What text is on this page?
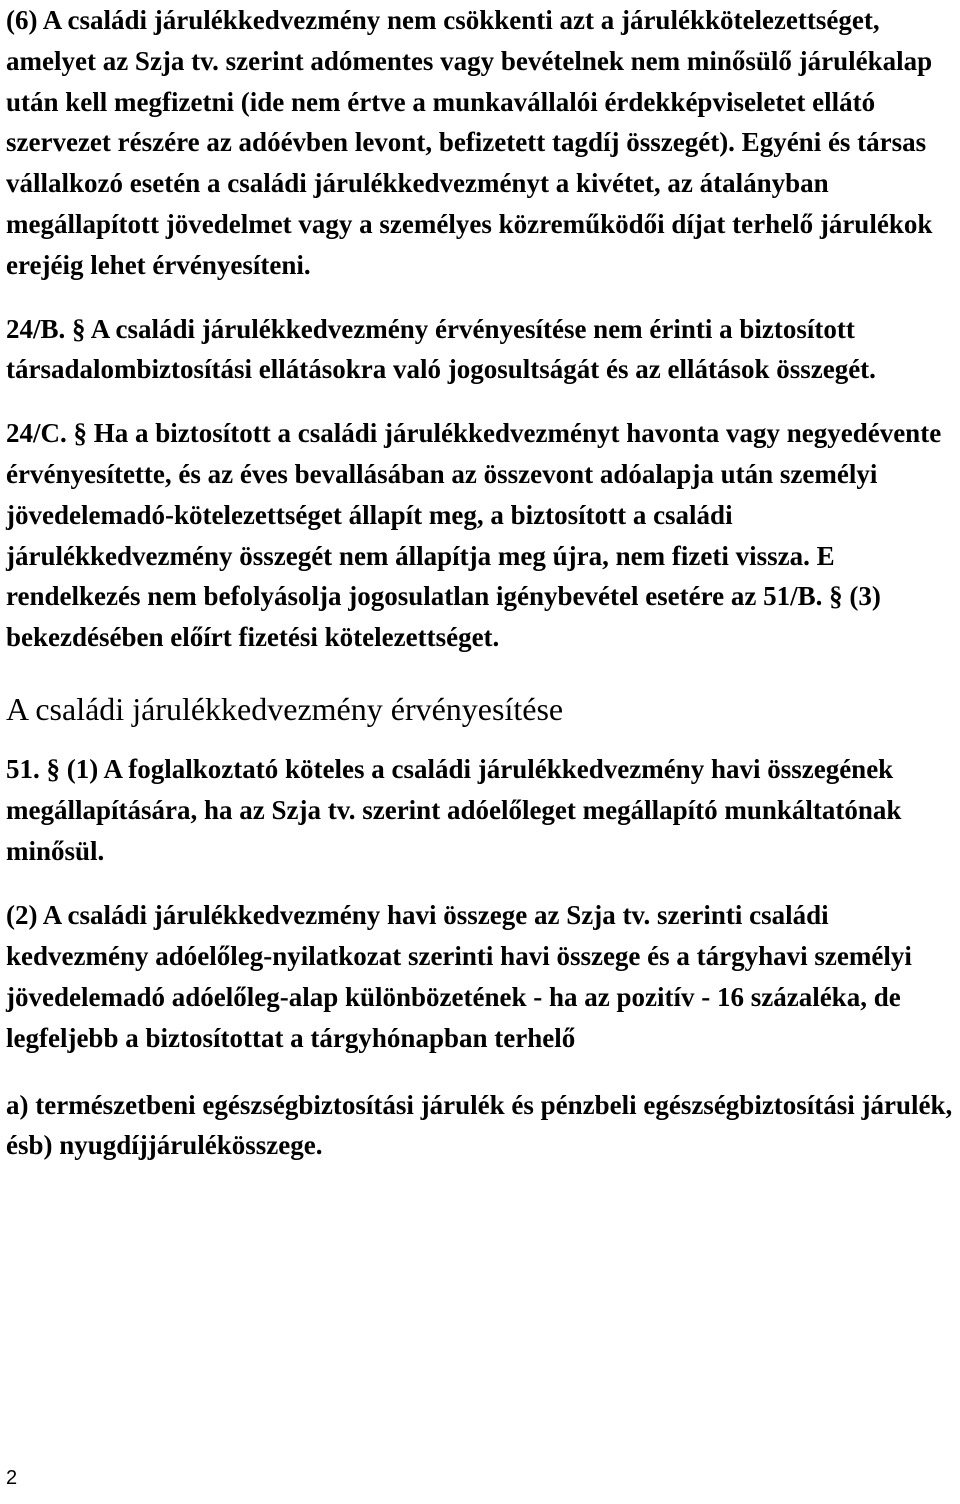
(6) A családi járulékkedvezmény nem csökkenti azt a járulékkötelezettséget, amelyet az Szja tv. szerint adómentes vagy bevételnek nem minősülő járulékalap után kell megfizetni (ide nem értve a munkavállalói érdekképviseletet ellátó szervezet részére az adóévben levont, befizetett tagdíj összegét). Egyéni és társas vállalkozó esetén a családi járulékkedvezményt a kivétet, az átalányban megállapított jövedelmet vagy a személyes közreműködői díjat terhelő járulékok erejéig lehet érvényesíteni.

24/B. § A családi járulékkedvezmény érvényesítése nem érinti a biztosított társadalombiztosítási ellátásokra való jogosultságát és az ellátások összegét.

24/C. § Ha a biztosított a családi járulékkedvezményt havonta vagy negyedévente érvényesítette, és az éves bevallásában az összevont adóalapja után személyi jövedelemadó-kötelezettséget állapít meg, a biztosított a családi járulékkedvezmény összegét nem állapítja meg újra, nem fizeti vissza. E rendelkezés nem befolyásolja jogosulatlan igénybevétel esetére az 51/B. § (3) bekezdésében előírt fizetési kötelezettséget.

A családi járulékkedvezmény érvényesítése

51. § (1) A foglalkoztató köteles a családi járulékkedvezmény havi összegének megállapítására, ha az Szja tv. szerint adóelőleget megállapító munkáltatónak minősül.

(2) A családi járulékkedvezmény havi összege az Szja tv. szerinti családi kedvezmény adóelőleg-nyilatkozat szerinti havi összege és a tárgyhavi személyi jövedelemadó adóelőleg-alap különbözetének - ha az pozitív - 16 százaléka, de legfeljebb a biztosítottat a tárgyhónapban terhelő

a) természetbeni egészségbiztosítási járulék és pénzbeli egészségbiztosítási járulék, ésb) nyugdíjjárulékösszege.

2
